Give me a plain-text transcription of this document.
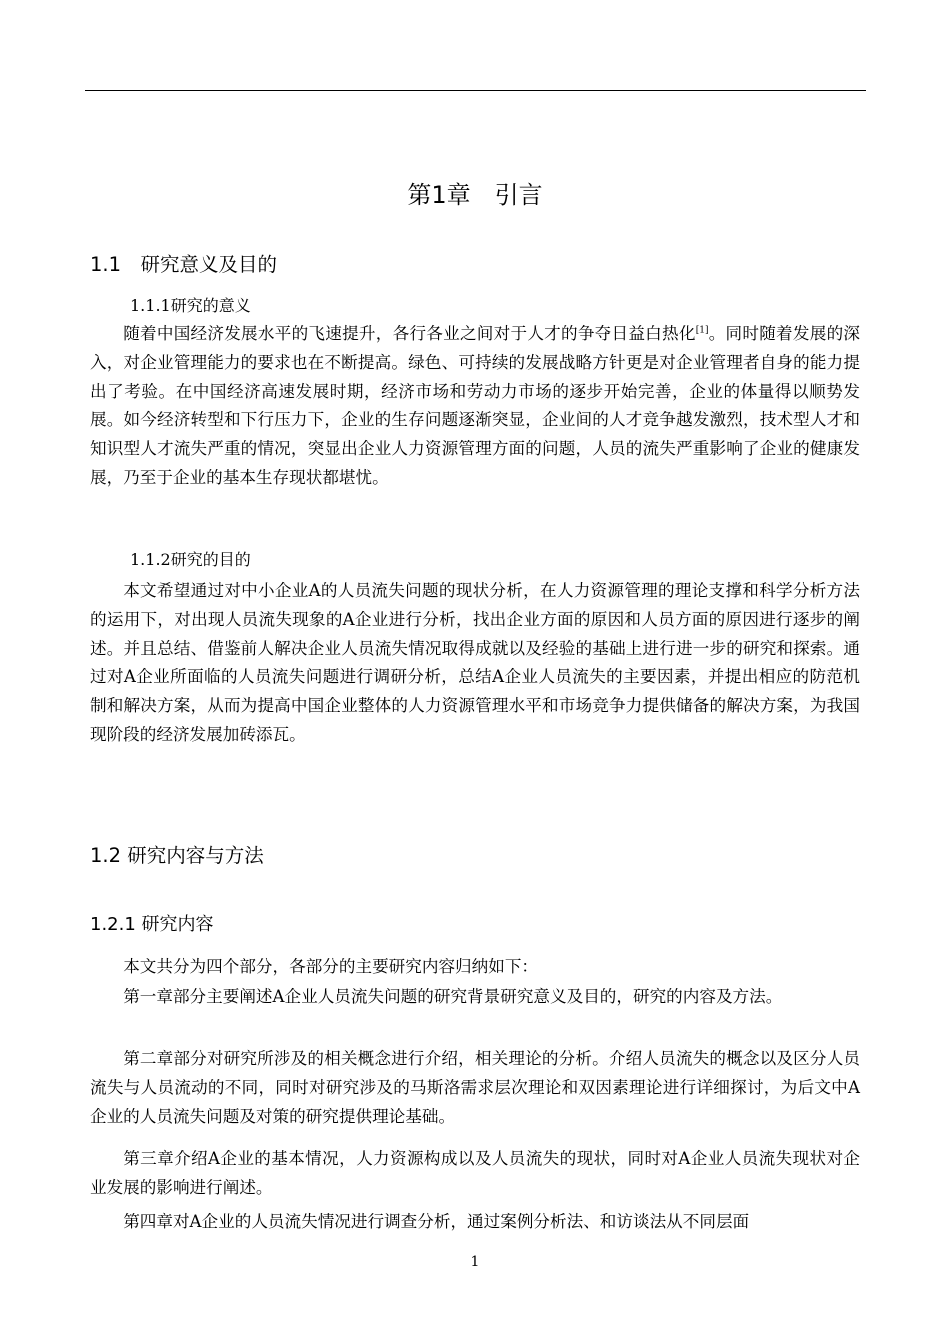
第1章　引言
1.1　研究意义及目的
1.1.1研究的意义

随着中国经济发展水平的飞速提升，各行各业之间对于人才的争夺日益白热化[1]。同时随着发展的深入，对企业管理能力的要求也在不断提高。绿色、可持续的发展战略方针更是对企业管理者自身的能力提出了考验。在中国经济高速发展时期，经济市场和劳动力市场的逐步开始完善，企业的体量得以顺势发展。如今经济转型和下行压力下，企业的生存问题逐渐突显，企业间的人才竞争越发激烈，技术型人才和知识型人才流失严重的情况，突显出企业人力资源管理方面的问题，人员的流失严重影响了企业的健康发展，乃至于企业的基本生存现状都堪忧。

1.1.2研究的目的

本文希望通过对中小企业A的人员流失问题的现状分析，在人力资源管理的理论支撑和科学分析方法的运用下，对出现人员流失现象的A企业进行分析，找出企业方面的原因和人员方面的原因进行逐步的阐述。并且总结、借鉴前人解决企业人员流失情况取得成就以及经验的基础上进行进一步的研究和探索。通过对A企业所面临的人员流失问题进行调研分析，总结A企业人员流失的主要因素，并提出相应的防范机制和解决方案，从而为提高中国企业整体的人力资源管理水平和市场竞争力提供储备的解决方案，为我国现阶段的经济发展加砖添瓦。

1.2 研究内容与方法
1.2.1 研究内容

本文共分为四个部分，各部分的主要研究内容归纳如下：

第一章部分主要阐述A企业人员流失问题的研究背景研究意义及目的，研究的内容及方法。

第二章部分对研究所涉及的相关概念进行介绍，相关理论的分析。介绍人员流失的概念以及区分人员流失与人员流动的不同，同时对研究涉及的马斯洛需求层次理论和双因素理论进行详细探讨，为后文中A企业的人员流失问题及对策的研究提供理论基础。

第三章介绍A企业的基本情况，人力资源构成以及人员流失的现状，同时对A企业人员流失现状对企业发展的影响进行阐述。

第四章对A企业的人员流失情况进行调查分析，通过案例分析法、和访谈法从不同层面

1
